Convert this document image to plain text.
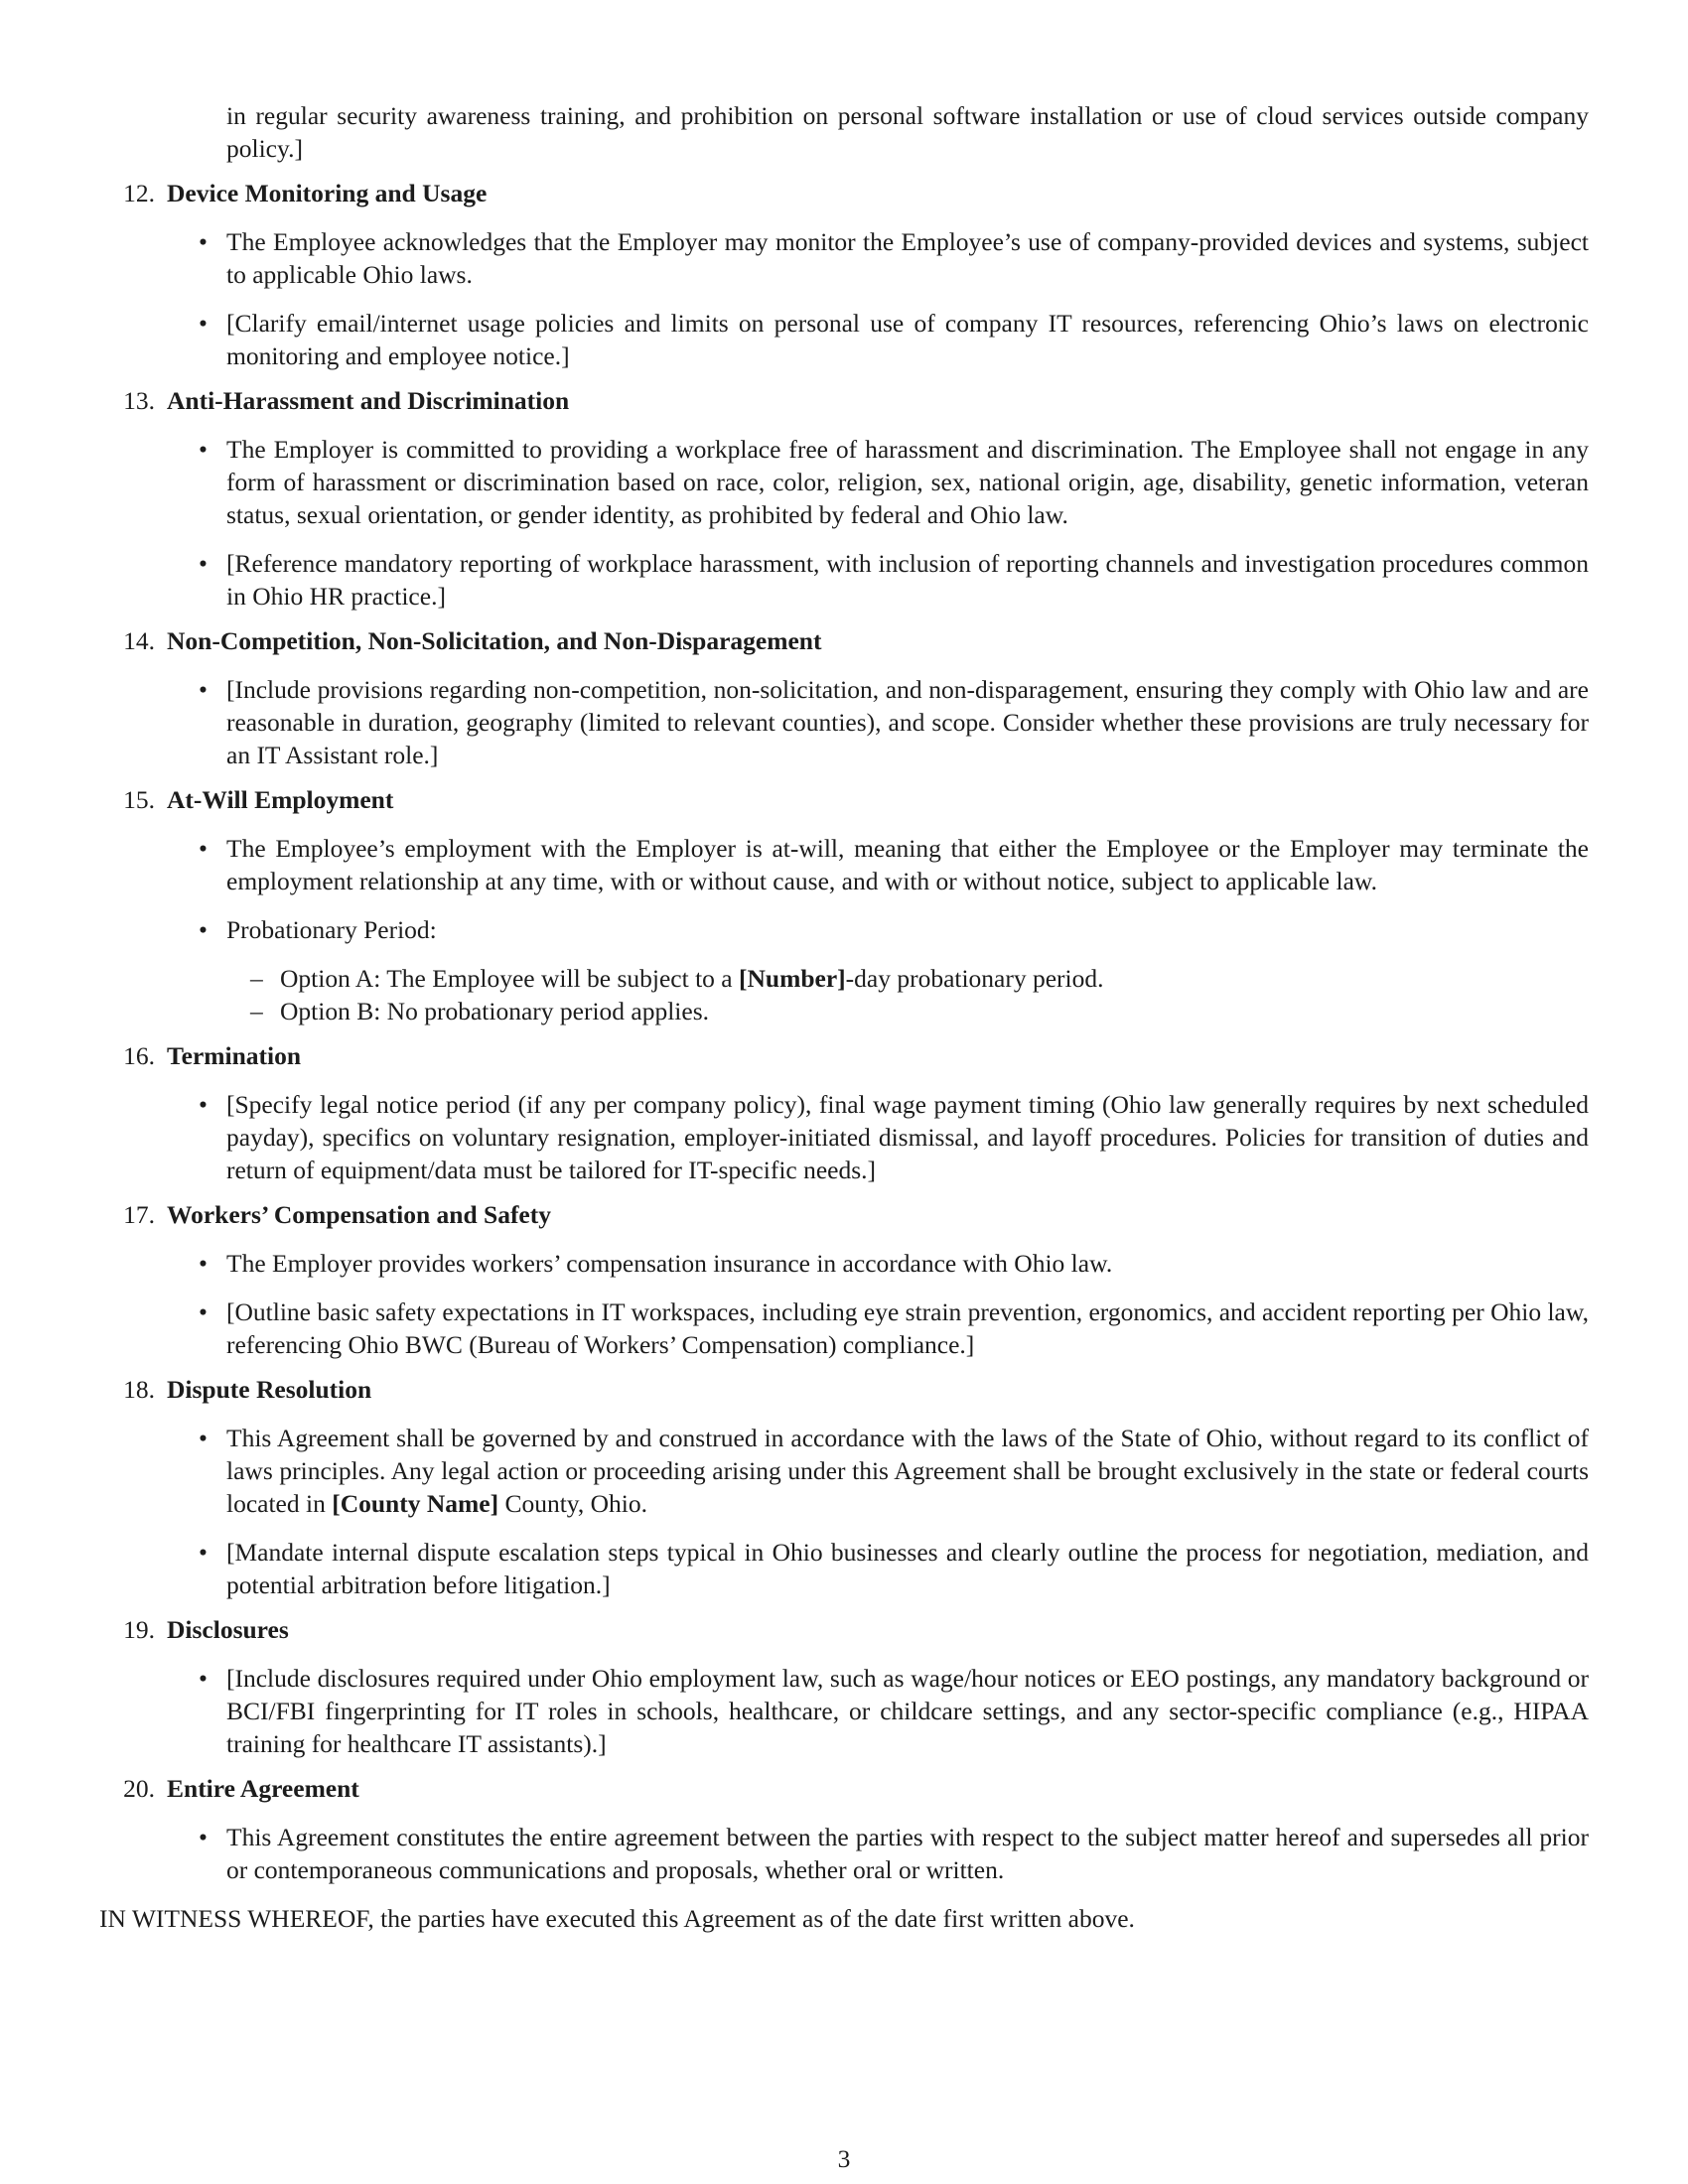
in regular security awareness training, and prohibition on personal software installation or use of cloud services outside company policy.]

12. Device Monitoring and Usage

• The Employee acknowledges that the Employer may monitor the Employee’s use of company-provided devices and systems, subject to applicable Ohio laws.

• [Clarify email/internet usage policies and limits on personal use of company IT resources, referencing Ohio’s laws on electronic monitoring and employee notice.]

13. Anti-Harassment and Discrimination

• The Employer is committed to providing a workplace free of harassment and discrimination. The Employee shall not engage in any form of harassment or discrimination based on race, color, religion, sex, national origin, age, disability, genetic information, veteran status, sexual orientation, or gender identity, as prohibited by federal and Ohio law.

• [Reference mandatory reporting of workplace harassment, with inclusion of reporting channels and investigation procedures common in Ohio HR practice.]

14. Non-Competition, Non-Solicitation, and Non-Disparagement

• [Include provisions regarding non-competition, non-solicitation, and non-disparagement, ensuring they comply with Ohio law and are reasonable in duration, geography (limited to relevant counties), and scope. Consider whether these provisions are truly necessary for an IT Assistant role.]

15. At-Will Employment

• The Employee’s employment with the Employer is at-will, meaning that either the Employee or the Employer may terminate the employment relationship at any time, with or without cause, and with or without notice, subject to applicable law.

• Probationary Period:

– Option A: The Employee will be subject to a [Number]-day probationary period.
– Option B: No probationary period applies.
16. Termination

• [Specify legal notice period (if any per company policy), final wage payment timing (Ohio law generally requires by next scheduled payday), specifics on voluntary resignation, employer-initiated dismissal, and layoff procedures. Policies for transition of duties and return of equipment/data must be tailored for IT-specific needs.]

17. Workers’ Compensation and Safety

• The Employer provides workers’ compensation insurance in accordance with Ohio law.

• [Outline basic safety expectations in IT workspaces, including eye strain prevention, ergonomics, and accident reporting per Ohio law, referencing Ohio BWC (Bureau of Workers’ Compensation) compliance.]

18. Dispute Resolution

• This Agreement shall be governed by and construed in accordance with the laws of the State of Ohio, without regard to its conflict of laws principles. Any legal action or proceeding arising under this Agreement shall be brought exclusively in the state or federal courts located in [County Name] County, Ohio.

• [Mandate internal dispute escalation steps typical in Ohio businesses and clearly outline the process for negotiation, mediation, and potential arbitration before litigation.]

19. Disclosures

• [Include disclosures required under Ohio employment law, such as wage/hour notices or EEO postings, any mandatory background or BCI/FBI fingerprinting for IT roles in schools, healthcare, or childcare settings, and any sector-specific compliance (e.g., HIPAA training for healthcare IT assistants).]

20. Entire Agreement

• This Agreement constitutes the entire agreement between the parties with respect to the subject matter hereof and supersedes all prior or contemporaneous communications and proposals, whether oral or written.

IN WITNESS WHEREOF, the parties have executed this Agreement as of the date first written above.

3
